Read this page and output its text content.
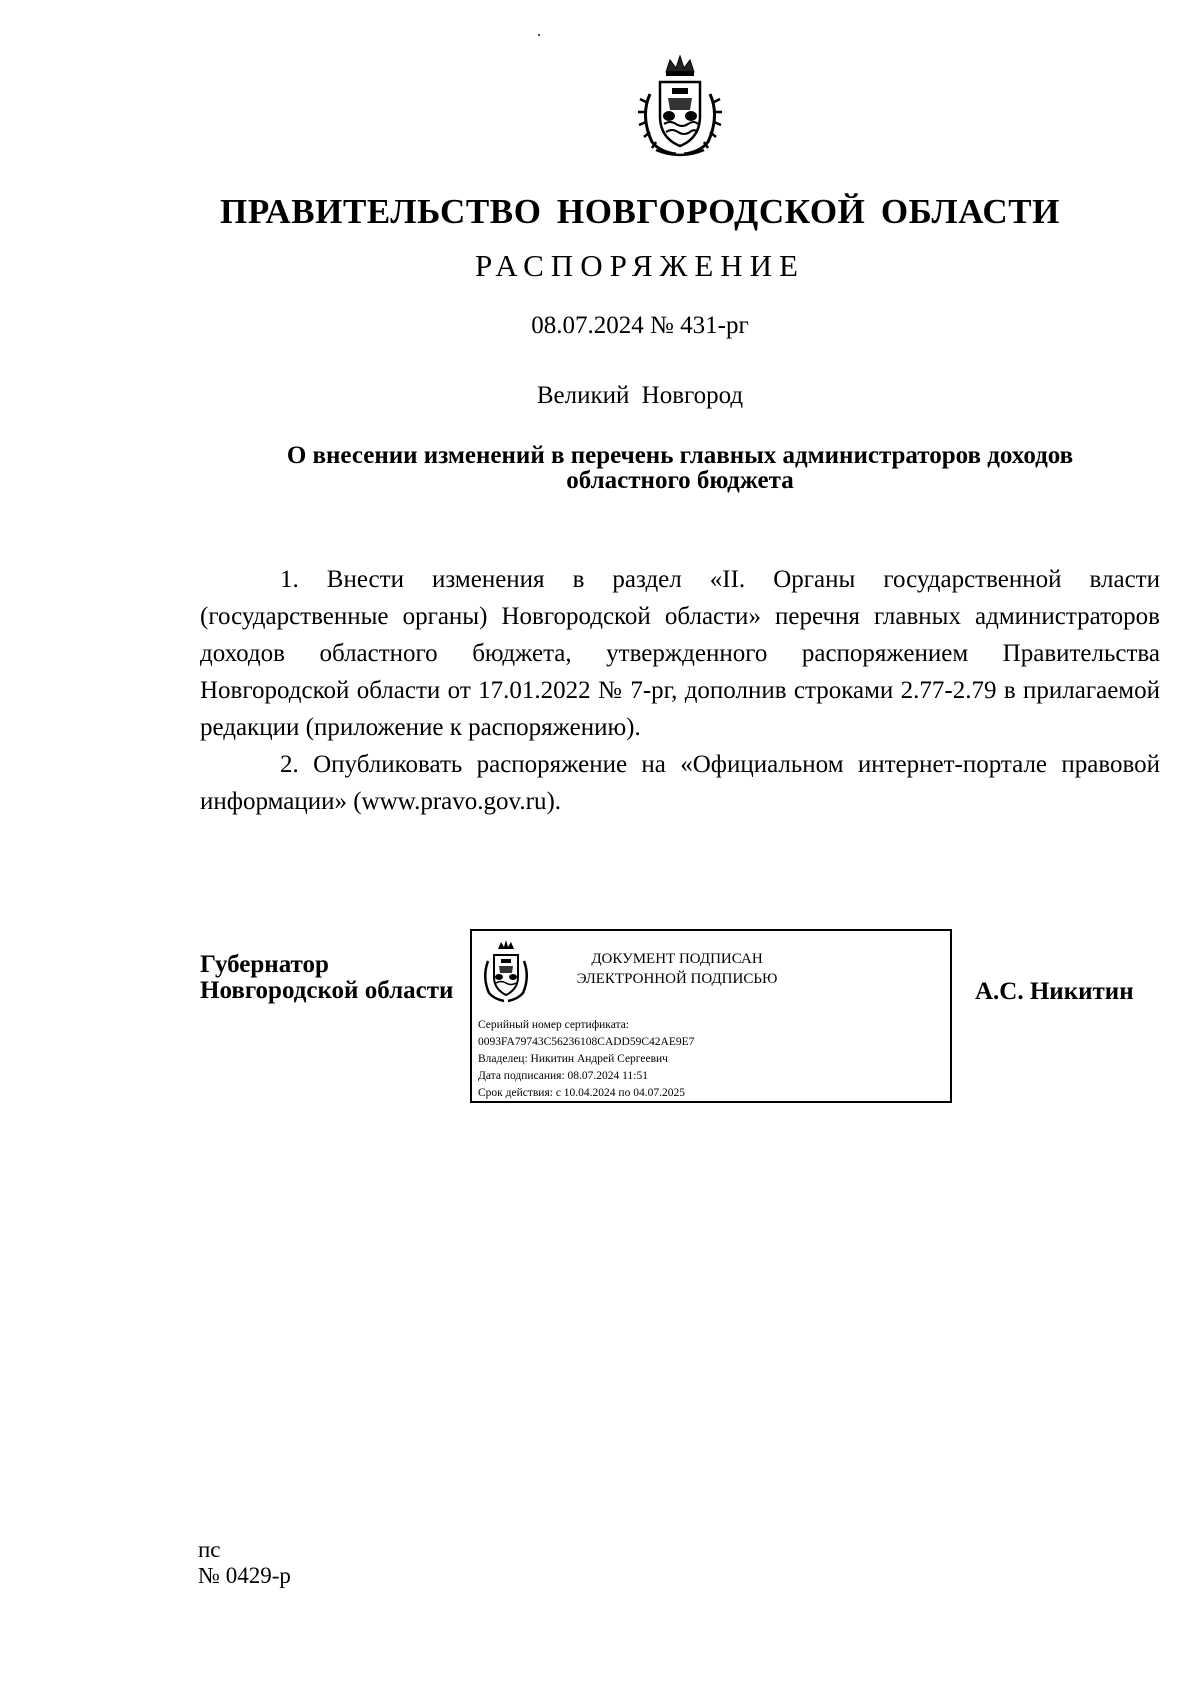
ПРАВИТЕЛЬСТВО НОВГОРОДСКОЙ ОБЛАСТИ
РАСПОРЯЖЕНИЕ
08.07.2024 № 431-рг
Великий Новгород
О внесении изменений в перечень главных администраторов доходов
областного бюджета

1. Внести изменения в раздел «II. Органы государственной власти (государственные органы) Новгородской области» перечня главных администраторов доходов областного бюджета, утвержденного распоряжением Правительства Новгородской области от 17.01.2022 № 7-рг, дополнив строками 2.77-2.79 в прилагаемой редакции (приложение к распоряжению).

2. Опубликовать распоряжение на «Официальном интернет-портале правовой информации» (www.pravo.gov.ru).

Губернатор
Новгородской области
ДОКУМЕНТ ПОДПИСАН
ЭЛЕКТРОННОЙ ПОДПИСЬЮ
Серийный номер сертификата:
0093FA79743C56236108CADD59C42AE9E7
Владелец: Никитин Андрей Сергеевич
Дата подписания: 08.07.2024 11:51
Срок действия: с 10.04.2024 по 04.07.2025
А.С. Никитин
пс
№ 0429-р
